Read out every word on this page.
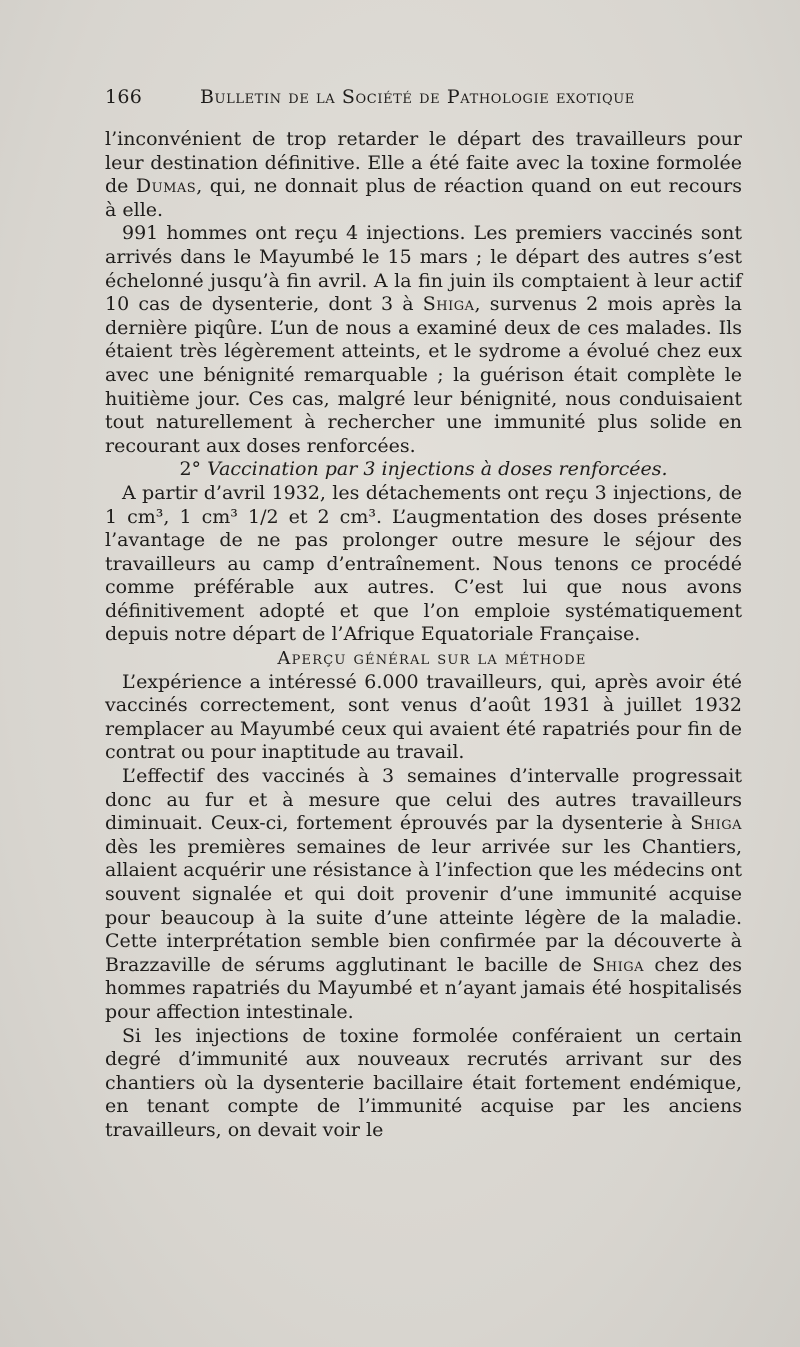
166	Bulletin de la Société de Pathologie exotique

l’inconvénient de trop retarder le départ des travailleurs pour leur destination définitive. Elle a été faite avec la toxine formolée de Dumas, qui, ne donnait plus de réaction quand on eut recours à elle.

991 hommes ont reçu 4 injections. Les premiers vaccinés sont arrivés dans le Mayumbé le 15 mars ; le départ des autres s’est échelonné jusqu’à fin avril. A la fin juin ils comptaient à leur actif 10 cas de dysenterie, dont 3 à Shiga, survenus 2 mois après la dernière piqûre. L’un de nous a examiné deux de ces malades. Ils étaient très légèrement atteints, et le sydrome a évolué chez eux avec une bénignité remarquable ; la guérison était complète le huitième jour. Ces cas, malgré leur bénignité, nous conduisaient tout naturellement à rechercher une immunité plus solide en recourant aux doses renforcées.

2° Vaccination par 3 injections à doses renforcées.

A partir d’avril 1932, les détachements ont reçu 3 injections, de 1 cm³, 1 cm³ 1/2 et 2 cm³. L’augmentation des doses présente l’avantage de ne pas prolonger outre mesure le séjour des travailleurs au camp d’entraînement. Nous tenons ce procédé comme préférable aux autres. C’est lui que nous avons définitivement adopté et que l’on emploie systématiquement depuis notre départ de l’Afrique Equatoriale Française.

Aperçu général sur la méthode

L’expérience a intéressé 6.000 travailleurs, qui, après avoir été vaccinés correctement, sont venus d’août 1931 à juillet 1932 remplacer au Mayumbé ceux qui avaient été rapatriés pour fin de contrat ou pour inaptitude au travail.

L’effectif des vaccinés à 3 semaines d’intervalle progressait donc au fur et à mesure que celui des autres travailleurs diminuait. Ceux-ci, fortement éprouvés par la dysenterie à Shiga dès les premières semaines de leur arrivée sur les Chantiers, allaient acquérir une résistance à l’infection que les médecins ont souvent signalée et qui doit provenir d’une immunité acquise pour beaucoup à la suite d’une atteinte légère de la maladie. Cette interprétation semble bien confirmée par la découverte à Brazzaville de sérums agglutinant le bacille de Shiga chez des hommes rapatriés du Mayumbé et n’ayant jamais été hospitalisés pour affection intestinale.

Si les injections de toxine formolée conféraient un certain degré d’immunité aux nouveaux recrutés arrivant sur des chantiers où la dysenterie bacillaire était fortement endémique, en tenant compte de l’immunité acquise par les anciens travailleurs, on devait voir le
